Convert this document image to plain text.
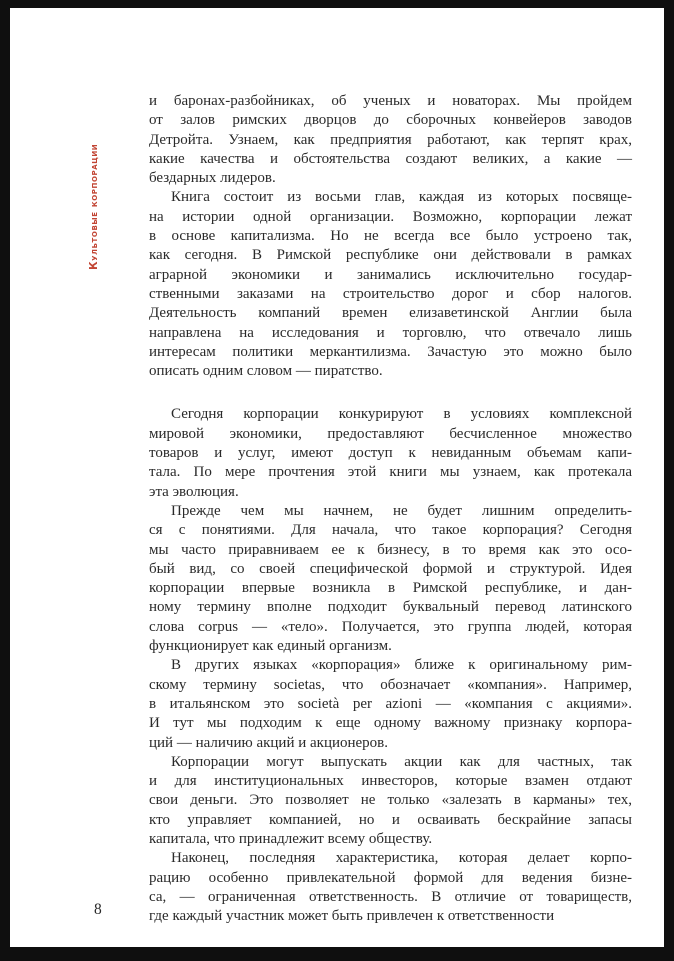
Культовые корпорации
и баронах-разбойниках, об ученых и новаторах. Мы пройдем
от залов римских дворцов до сборочных конвейеров заводов
Детройта. Узнаем, как предприятия работают, как терпят крах,
какие качества и обстоятельства создают великих, а какие —
бездарных лидеров.
Книга состоит из восьми глав, каждая из которых посвяще-
на истории одной организации. Возможно, корпорации лежат
в основе капитализма. Но не всегда все было устроено так,
как сегодня. В Римской республике они действовали в рамках
аграрной экономики и занимались исключительно государ-
ственными заказами на строительство дорог и сбор налогов.
Деятельность компаний времен елизаветинской Англии была
направлена на исследования и торговлю, что отвечало лишь
интересам политики меркантилизма. Зачастую это можно было
описать одним словом — пиратство.
Сегодня корпорации конкурируют в условиях комплексной
мировой экономики, предоставляют бесчисленное множество
товаров и услуг, имеют доступ к невиданным объемам капи-
тала. По мере прочтения этой книги мы узнаем, как протекала
эта эволюция.
Прежде чем мы начнем, не будет лишним определить-
ся с понятиями. Для начала, что такое корпорация? Сегодня
мы часто приравниваем ее к бизнесу, в то время как это осо-
бый вид, со своей специфической формой и структурой. Идея
корпорации впервые возникла в Римской республике, и дан-
ному термину вполне подходит буквальный перевод латинского
слова corpus — «тело». Получается, это группа людей, которая
функционирует как единый организм.
В других языках «корпорация» ближе к оригинальному рим-
скому термину societas, что обозначает «компания». Например,
в итальянском это società per azioni — «компания с акциями».
И тут мы подходим к еще одному важному признаку корпора-
ций — наличию акций и акционеров.
Корпорации могут выпускать акции как для частных, так
и для институциональных инвесторов, которые взамен отдают
свои деньги. Это позволяет не только «залезать в карманы» тех,
кто управляет компанией, но и осваивать бескрайние запасы
капитала, что принадлежит всему обществу.
Наконец, последняя характеристика, которая делает корпо-
рацию особенно привлекательной формой для ведения бизне-
са, — ограниченная ответственность. В отличие от товариществ,
где каждый участник может быть привлечен к ответственности
8
